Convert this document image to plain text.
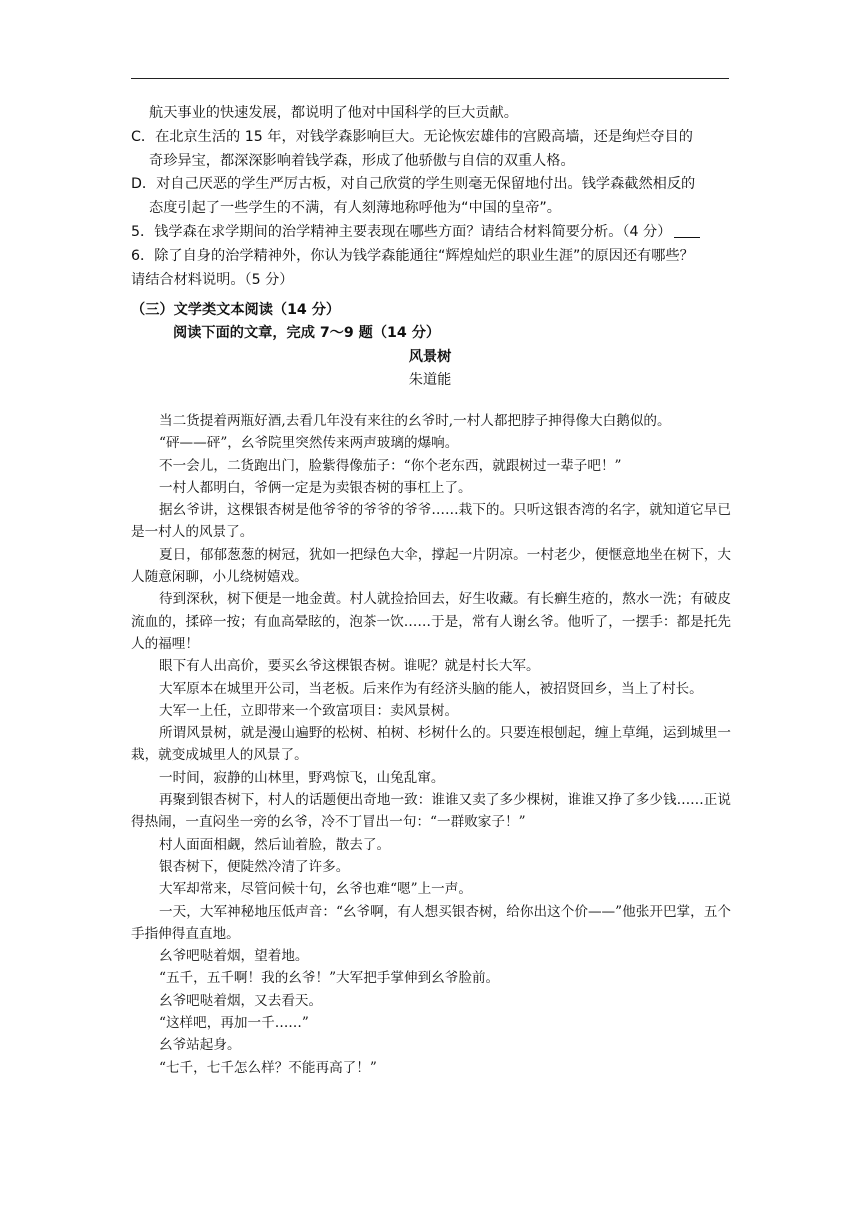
航天事业的快速发展，都说明了他对中国科学的巨大贡献。
C．在北京生活的 15 年，对钱学森影响巨大。无论恢宏雄伟的宫殿高墙，还是绚烂夺目的
奇珍异宝，都深深影响着钱学森，形成了他骄傲与自信的双重人格。
D．对自己厌恶的学生严厉古板，对自己欣赏的学生则毫无保留地付出。钱学森截然相反的
态度引起了一些学生的不满，有人刻薄地称呼他为“中国的皇帝”。
5．钱学森在求学期间的治学精神主要表现在哪些方面？请结合材料简要分析。（4 分）
6．除了自身的治学精神外，你认为钱学森能通往“辉煌灿烂的职业生涯”的原因还有哪些？
请结合材料说明。（5 分）
（三）文学类文本阅读（14 分）
阅读下面的文章，完成 7～9 题（14 分）
风景树
朱道能

当二货提着两瓶好酒,去看几年没有来往的幺爷时,一村人都把脖子抻得像大白鹅似的。

“砰——砰”，幺爷院里突然传来两声玻璃的爆响。

不一会儿，二货跑出门，脸紫得像茄子：“你个老东西，就跟树过一辈子吧！”

一村人都明白，爷俩一定是为卖银杏树的事杠上了。

据幺爷讲，这棵银杏树是他爷爷的爷爷的爷爷……栽下的。只听这银杏湾的名字，就知道它早已是一村人的风景了。

夏日，郁郁葱葱的树冠，犹如一把绿色大伞，撑起一片阴凉。一村老少，便惬意地坐在树下，大人随意闲聊，小儿绕树嬉戏。

待到深秋，树下便是一地金黄。村人就捡拾回去，好生收藏。有长癣生疮的，熬水一洗；有破皮流血的，揉碎一按；有血高晕眩的，泡茶一饮……于是，常有人谢幺爷。他听了，一摆手：都是托先人的福哩！

眼下有人出高价，要买幺爷这棵银杏树。谁呢？就是村长大军。

大军原本在城里开公司，当老板。后来作为有经济头脑的能人，被招贤回乡，当上了村长。

大军一上任，立即带来一个致富项目：卖风景树。

所谓风景树，就是漫山遍野的松树、柏树、杉树什么的。只要连根刨起，缠上草绳，运到城里一栽，就变成城里人的风景了。

一时间，寂静的山林里，野鸡惊飞，山兔乱窜。

再聚到银杏树下，村人的话题便出奇地一致：谁谁又卖了多少棵树，谁谁又挣了多少钱……正说得热闹，一直闷坐一旁的幺爷，冷不丁冒出一句：“一群败家子！”

村人面面相觑，然后讪着脸，散去了。

银杏树下，便陡然冷清了许多。

大军却常来，尽管问候十句，幺爷也难“嗯”上一声。

一天，大军神秘地压低声音：“幺爷啊，有人想买银杏树，给你出这个价——”他张开巴掌，五个手指伸得直直地。

幺爷吧哒着烟，望着地。

“五千，五千啊！我的幺爷！”大军把手掌伸到幺爷脸前。

幺爷吧哒着烟，又去看天。

“这样吧，再加一千……”

幺爷站起身。

“七千，七千怎么样？不能再高了！”
